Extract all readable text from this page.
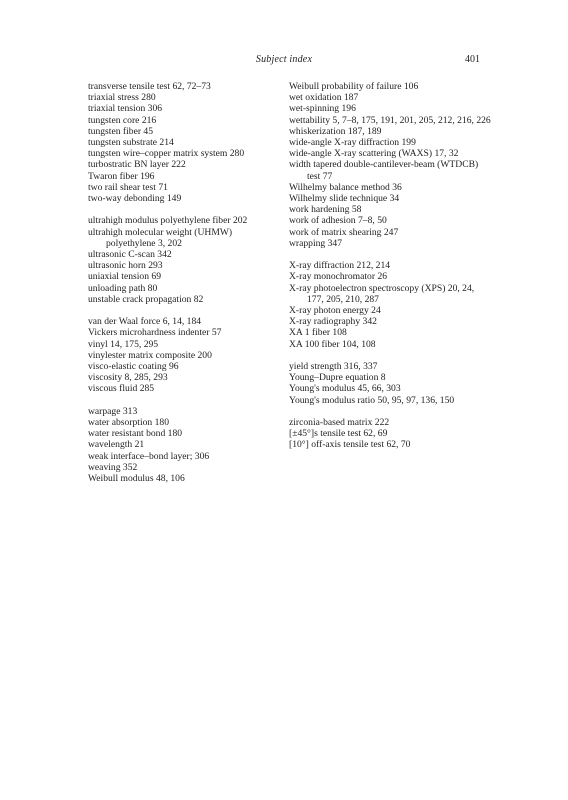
Subject index	401
transverse tensile test 62, 72–73
triaxial stress 280
triaxial tension 306
tungsten core 216
tungsten fiber 45
tungsten substrate 214
tungsten wire–copper matrix system 280
turbostratic BN layer 222
Twaron fiber 196
two rail shear test 71
two-way debonding 149
ultrahigh modulus polyethylene fiber 202
ultrahigh molecular weight (UHMW) polyethylene 3, 202
ultrasonic C-scan 342
ultrasonic horn 293
uniaxial tension 69
unloading path 80
unstable crack propagation 82
van der Waal force 6, 14, 184
Vickers microhardness indenter 57
vinyl 14, 175, 295
vinylester matrix composite 200
visco-elastic coating 96
viscosity 8, 285, 293
viscous fluid 285
warpage 313
water absorption 180
water resistant bond 180
wavelength 21
weak interface–bond layer; 306
weaving 352
Weibull modulus 48, 106
Weibull probability of failure 106
wet oxidation 187
wet-spinning 196
wettability 5, 7–8, 175, 191, 201, 205, 212, 216, 226
whiskerization 187, 189
wide-angle X-ray diffraction 199
wide-angle X-ray scattering (WAXS) 17, 32
width tapered double-cantilever-beam (WTDCB) test 77
Wilhelmy balance method 36
Wilhelmy slide technique 34
work hardening 58
work of adhesion 7–8, 50
work of matrix shearing 247
wrapping 347
X-ray diffraction 212, 214
X-ray monochromator 26
X-ray photoelectron spectroscopy (XPS) 20, 24, 177, 205, 210, 287
X-ray photon energy 24
X-ray radiography 342
XA 1 fiber 108
XA 100 fiber 104, 108
yield strength 316, 337
Young–Dupre equation 8
Young's modulus 45, 66, 303
Young's modulus ratio 50, 95, 97, 136, 150
zirconia-based matrix 222
[±45°]s tensile test 62, 69
[10°] off-axis tensile test 62, 70
